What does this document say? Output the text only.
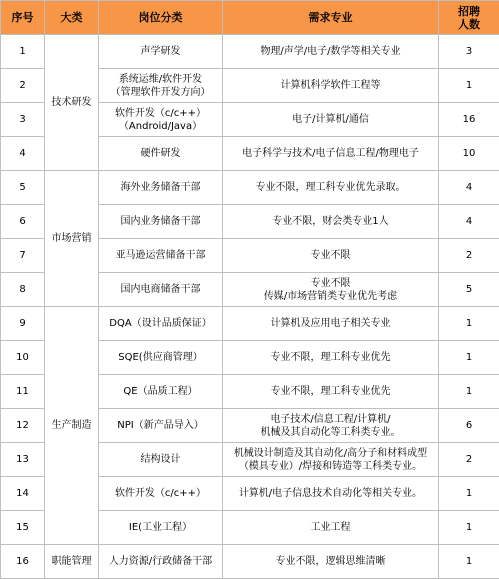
序号	大类	岗位分类	需求专业	招聘
人数

1	技术研发	声学研发	物理/声学/电子/数学等相关专业	3
2		系统运维/软件开发
（管理软件开发方向）	计算机科学软件工程等	1
3		软件开发（c/c++）
（Android/Java）	电子/计算机/通信	16
4		硬件研发	电子科学与技术/电子信息工程/物理电子	10
5	市场营销	海外业务储备干部	专业不限，理工科专业优先录取。	4
6		国内业务储备干部	专业不限，财会类专业1人	4
7		亚马逊运营储备干部	专业不限	2
8		国内电商储备干部	专业不限
传媒/市场营销类专业优先考虑	5
9	生产制造	DQA（设计品质保证）	计算机及应用电子相关专业	1
10		SQE(供应商管理）	专业不限，理工科专业优先	1
11		QE（品质工程）	专业不限，理工科专业优先	1
12		NPI（新产品导入）	电子技术/信息工程/计算机/
机械及其自动化等工科类专业。	6
13		结构设计	机械设计制造及其自动化/高分子和材料成型
（模具专业）/焊接和铸造等工科类专业。	2
14		软件开发（c/c++）	计算机/电子信息技术自动化等相关专业。	1
15		IE(工业工程）	工业工程	1
16	职能管理	人力资源/行政储备干部	专业不限，逻辑思维清晰	1
